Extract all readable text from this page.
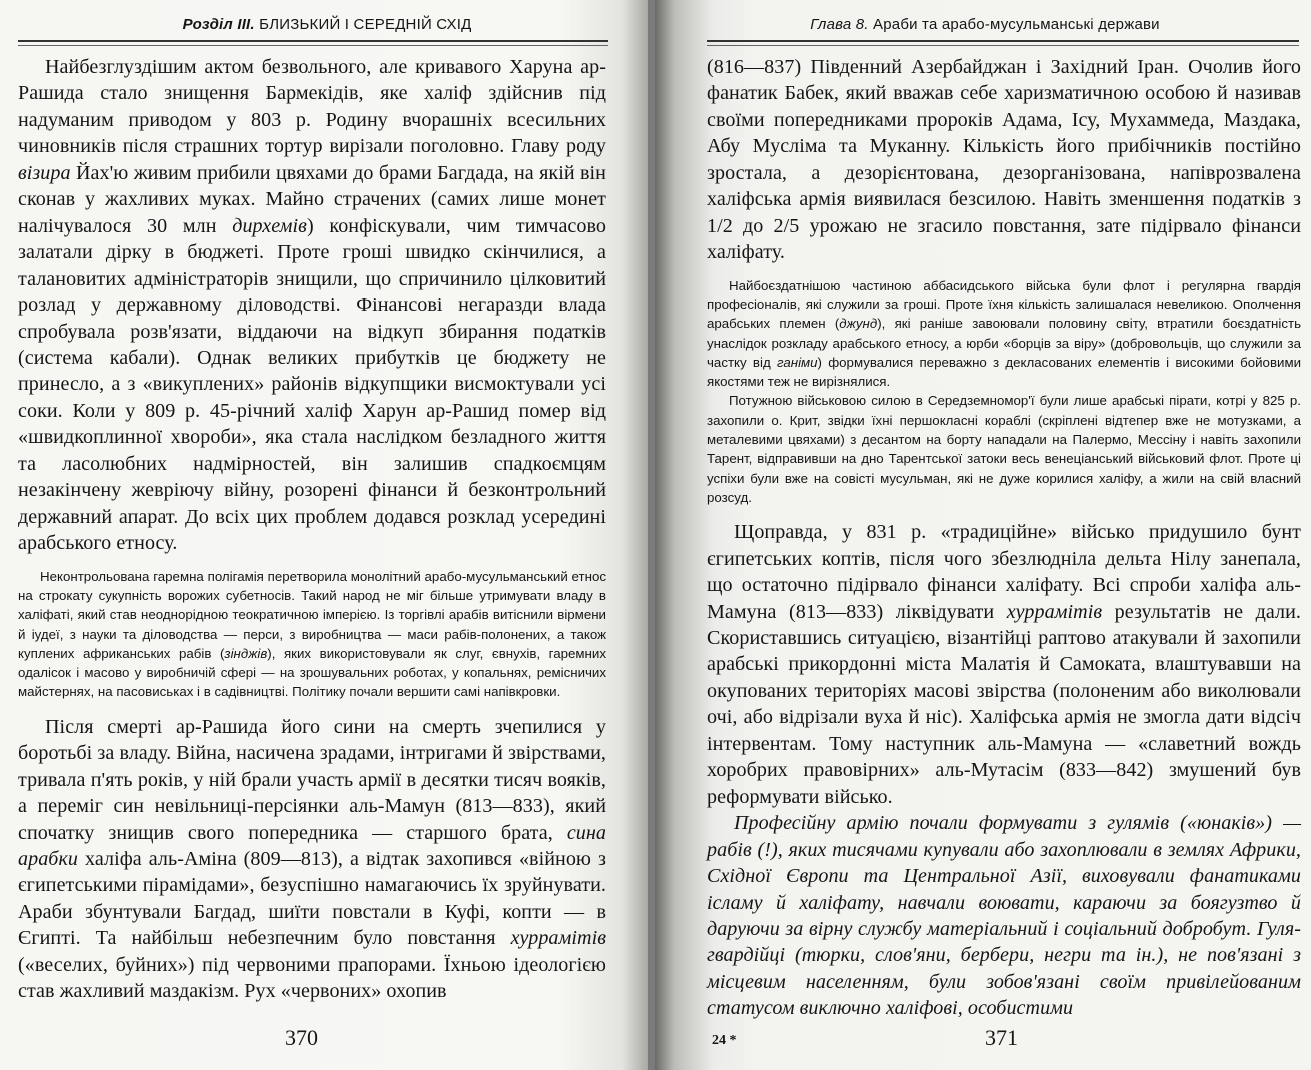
Розділ ІІІ. БЛИЗЬКИЙ І СЕРЕДНІЙ СХІД

Найбезглуздішим актом безвольного, але кривавого Харуна ар-Рашида стало знищення Бармекідів, яке халіф здійснив під надуманим приводом у 803 р. Родину вчорашніх всесильних чиновників після страшних тортур вирізали поголовно. Главу роду візира Йах'ю живим прибили цвяхами до брами Багдада, на якій він сконав у жахливих муках. Майно страчених (самих лише монет налічувалося 30 млн дирхемів) конфіскували, чим тимчасово залатали дірку в бюджеті. Проте гроші швидко скінчилися, а талановитих адміністраторів знищили, що спричинило цілковитий розлад у державному діловодстві. Фінансові негаразди влада спробувала розв'язати, віддаючи на відкуп збирання податків (система кабали). Однак великих прибутків це бюджету не принесло, а з «викуплених» районів відкупщики висмоктували усі соки. Коли у 809 р. 45-річний халіф Харун ар-Рашид помер від «швидкоплинної хвороби», яка стала наслідком безладного життя та ласолюбних надмірностей, він залишив спадкоємцям незакінчену жевріючу війну, розорені фінанси й безконтрольний державний апарат. До всіх цих проблем додався розклад усередині арабського етносу.

Неконтрольована гаремна полігамія перетворила монолітний арабо-мусульманський етнос на строкату сукупність ворожих субетносів. Такий народ не міг більше утримувати владу в халіфаті, який став неоднорідною теократичною імперією. Із торгівлі арабів витіснили вірмени й іудеї, з науки та діловодства — перси, з виробництва — маси рабів-полонених, а також куплених африканських рабів (зінджів), яких використовували як слуг, євнухів, гаремних одалісок і масово у виробничій сфері — на зрошувальних роботах, у копальнях, ремісничих майстернях, на пасовиськах і в садівництві. Політику почали вершити самі напівкровки.

Після смерті ар-Рашида його сини на смерть зчепилися у боротьбі за владу. Війна, насичена зрадами, інтригами й звірствами, тривала п'ять років, у ній брали участь армії в десятки тисяч вояків, а переміг син невільниці-персіянки аль-Мамун (813—833), який спочатку знищив свого попередника — старшого брата, сина арабки халіфа аль-Аміна (809—813), а відтак захопився «війною з єгипетськими пірамідами», безуспішно намагаючись їх зруйнувати. Араби збунтували Багдад, шиїти повстали в Куфі, копти — в Єгипті. Та найбільш небезпечним було повстання хуррамітів («веселих, буйних») під червоними прапорами. Їхньою ідеологією став жахливий маздакізм. Рух «червоних» охопив

370
Глава 8. Араби та арабо-мусульманські держави

(816—837) Південний Азербайджан і Західний Іран. Очолив його фанатик Бабек, який вважав себе харизматичною особою й називав своїми попередниками пророків Адама, Ісу, Мухаммеда, Маздака, Абу Мусліма та Муканну. Кількість його прибічників постійно зростала, а дезорієнтована, дезорганізована, напіврозвалена халіфська армія виявилася безсилою. Навіть зменшення податків з 1/2 до 2/5 урожаю не згасило повстання, зате підірвало фінанси халіфату.

Найбоєздатнішою частиною аббасидського війська були флот і регулярна гвардія професіоналів, які служили за гроші. Проте їхня кількість залишалася невеликою. Ополчення арабських племен (джунд), які раніше завоювали половину світу, втратили боєздатність унаслідок розкладу арабського етносу, а юрби «борців за віру» (добровольців, що служили за частку від ганіми) формувалися переважно з декласованих елементів і високими бойовими якостями теж не вирізнялися.

Потужною військовою силою в Середземномор'ї були лише арабські пірати, котрі у 825 р. захопили о. Крит, звідки їхні першокласні кораблі (скріплені відтепер вже не мотузками, а металевими цвяхами) з десантом на борту нападали на Палермо, Мессіну і навіть захопили Тарент, відправивши на дно Тарентської затоки весь венеціанський військовий флот. Проте ці успіхи були вже на совісті мусульман, які не дуже корилися халіфу, а жили на свій власний розсуд.

Щоправда, у 831 р. «традиційне» військо придушило бунт єгипетських коптів, після чого збезлюдніла дельта Нілу занепала, що остаточно підірвало фінанси халіфату. Всі спроби халіфа аль-Мамуна (813—833) ліквідувати хуррамітів результатів не дали. Скориставшись ситуацією, візантійці раптово атакували й захопили арабські прикордонні міста Малатія й Самоката, влаштувавши на окупованих територіях масові звірства (полоненим або виколювали очі, або відрізали вуха й ніс). Халіфська армія не змогла дати відсіч інтервентам. Тому наступник аль-Мамуна — «славетний вождь хоробрих правовірних» аль-Мутасім (833—842) змушений був реформувати військо.

Професійну армію почали формувати з гулямів («юнаків») — рабів (!), яких тисячами купували або захоплювали в землях Африки, Східної Європи та Центральної Азії, виховували фанатиками ісламу й халіфату, навчали воювати, караючи за боягузтво й даруючи за вірну службу матеріальний і соціальний добробут. Гуля-гвардійці (тюрки, слов'яни, бербери, негри та ін.), не пов'язані з місцевим населенням, були зобов'язані своїм привілейованим статусом виключно халіфові, особистими

24 *	371
